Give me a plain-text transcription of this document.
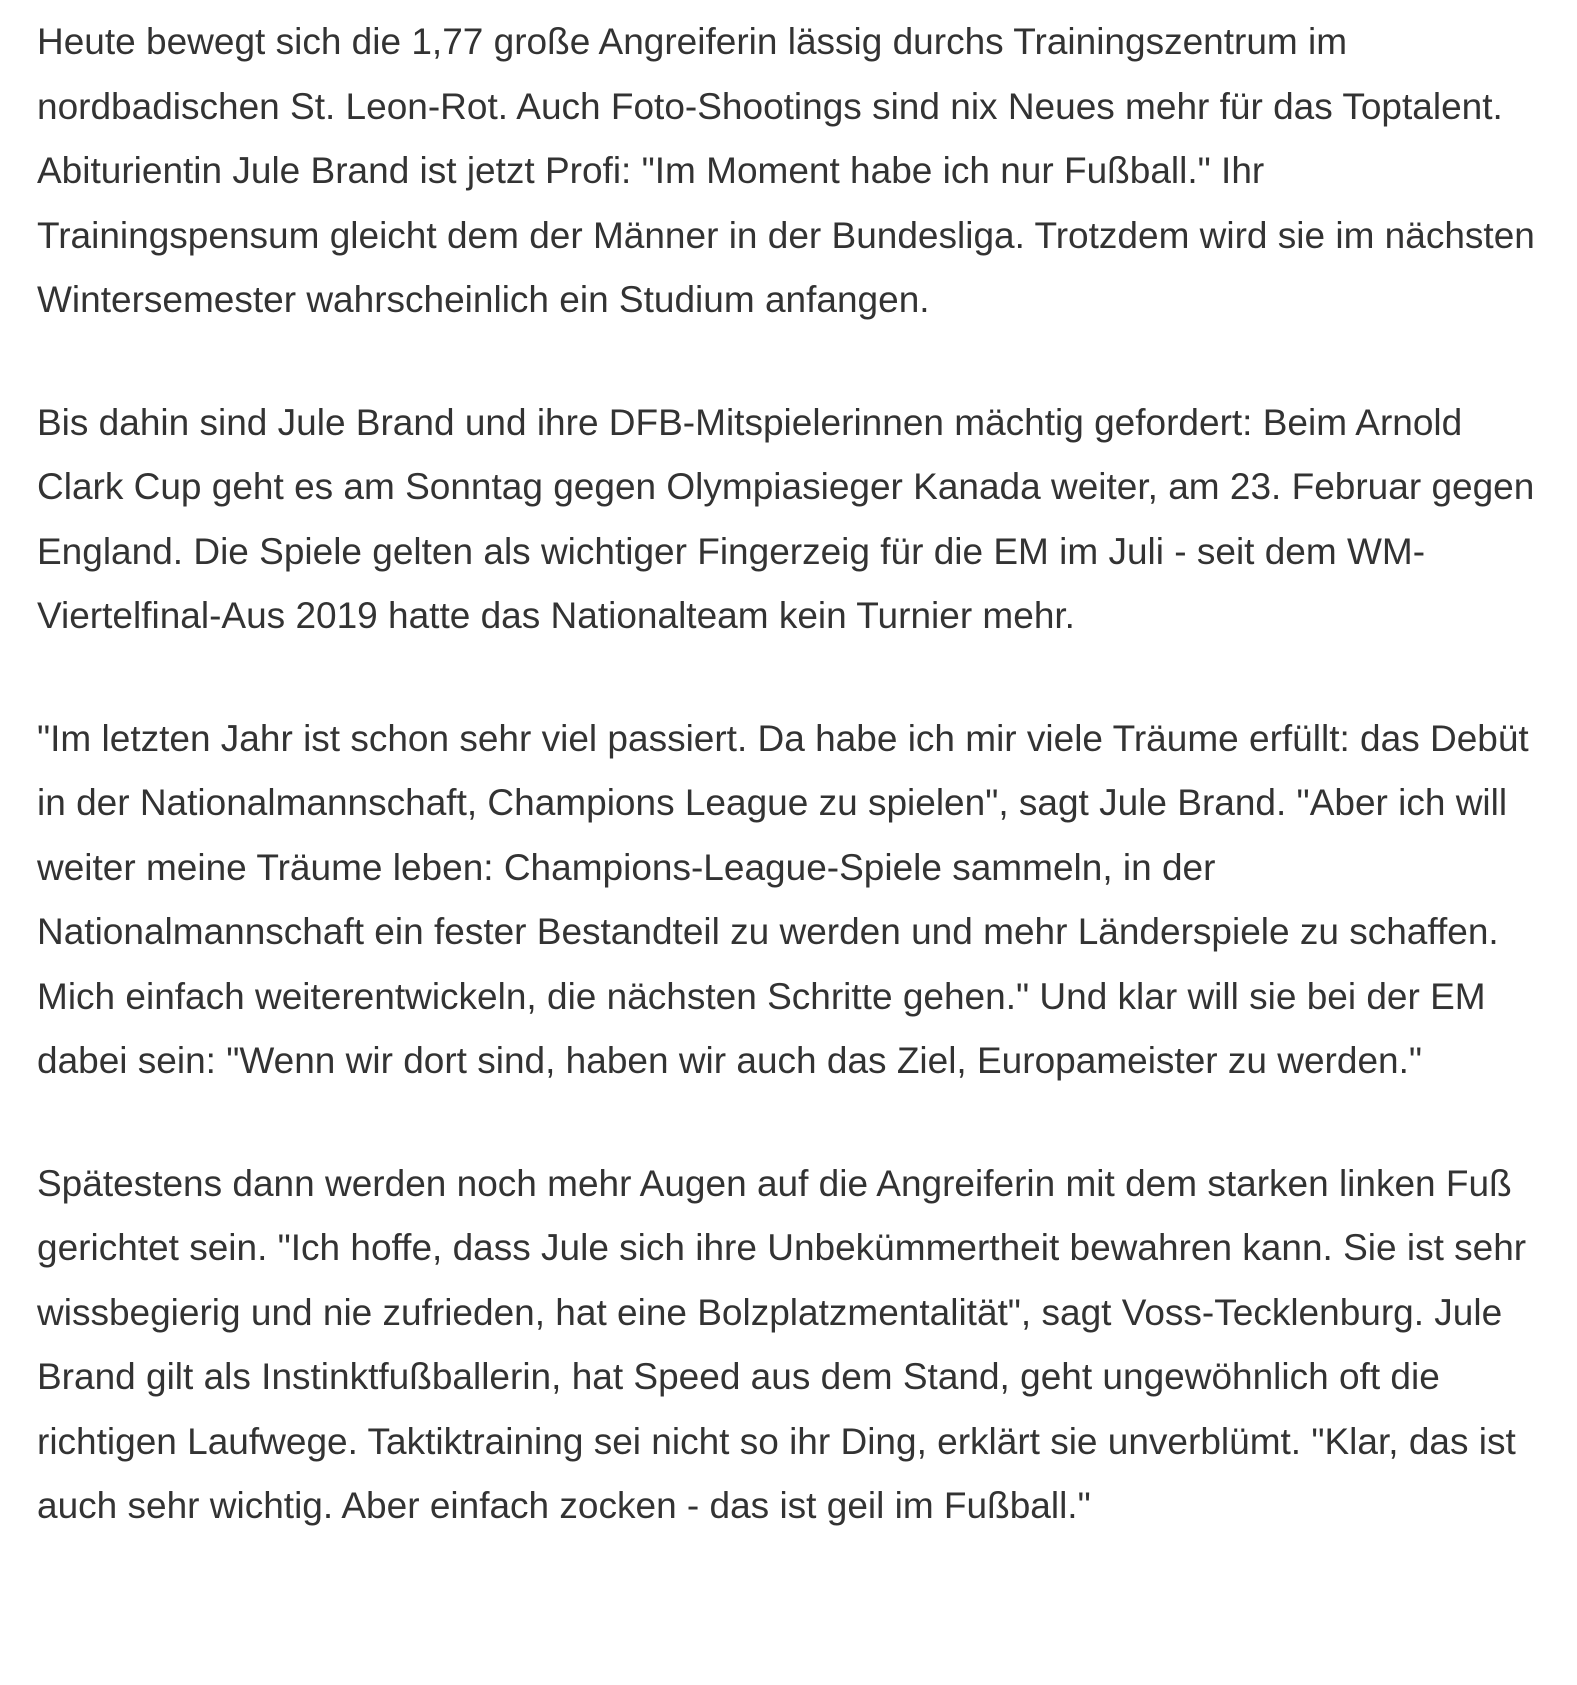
Heute bewegt sich die 1,77 große Angreiferin lässig durchs Trainingszentrum im nordbadischen St. Leon-Rot. Auch Foto-Shootings sind nix Neues mehr für das Toptalent. Abiturientin Jule Brand ist jetzt Profi: "Im Moment habe ich nur Fußball." Ihr Trainingspensum gleicht dem der Männer in der Bundesliga. Trotzdem wird sie im nächsten Wintersemester wahrscheinlich ein Studium anfangen.

Bis dahin sind Jule Brand und ihre DFB-Mitspielerinnen mächtig gefordert: Beim Arnold Clark Cup geht es am Sonntag gegen Olympiasieger Kanada weiter, am 23. Februar gegen England. Die Spiele gelten als wichtiger Fingerzeig für die EM im Juli - seit dem WM-Viertelfinal-Aus 2019 hatte das Nationalteam kein Turnier mehr.

"Im letzten Jahr ist schon sehr viel passiert. Da habe ich mir viele Träume erfüllt: das Debüt in der Nationalmannschaft, Champions League zu spielen", sagt Jule Brand. "Aber ich will weiter meine Träume leben: Champions-League-Spiele sammeln, in der Nationalmannschaft ein fester Bestandteil zu werden und mehr Länderspiele zu schaffen. Mich einfach weiterentwickeln, die nächsten Schritte gehen." Und klar will sie bei der EM dabei sein: "Wenn wir dort sind, haben wir auch das Ziel, Europameister zu werden."

Spätestens dann werden noch mehr Augen auf die Angreiferin mit dem starken linken Fuß gerichtet sein. "Ich hoffe, dass Jule sich ihre Unbekümmertheit bewahren kann. Sie ist sehr wissbegierig und nie zufrieden, hat eine Bolzplatzmentalität", sagt Voss-Tecklenburg. Jule Brand gilt als Instinktfußballerin, hat Speed aus dem Stand, geht ungewöhnlich oft die richtigen Laufwege. Taktiktraining sei nicht so ihr Ding, erklärt sie unverblümt. "Klar, das ist auch sehr wichtig. Aber einfach zocken - das ist geil im Fußball."
